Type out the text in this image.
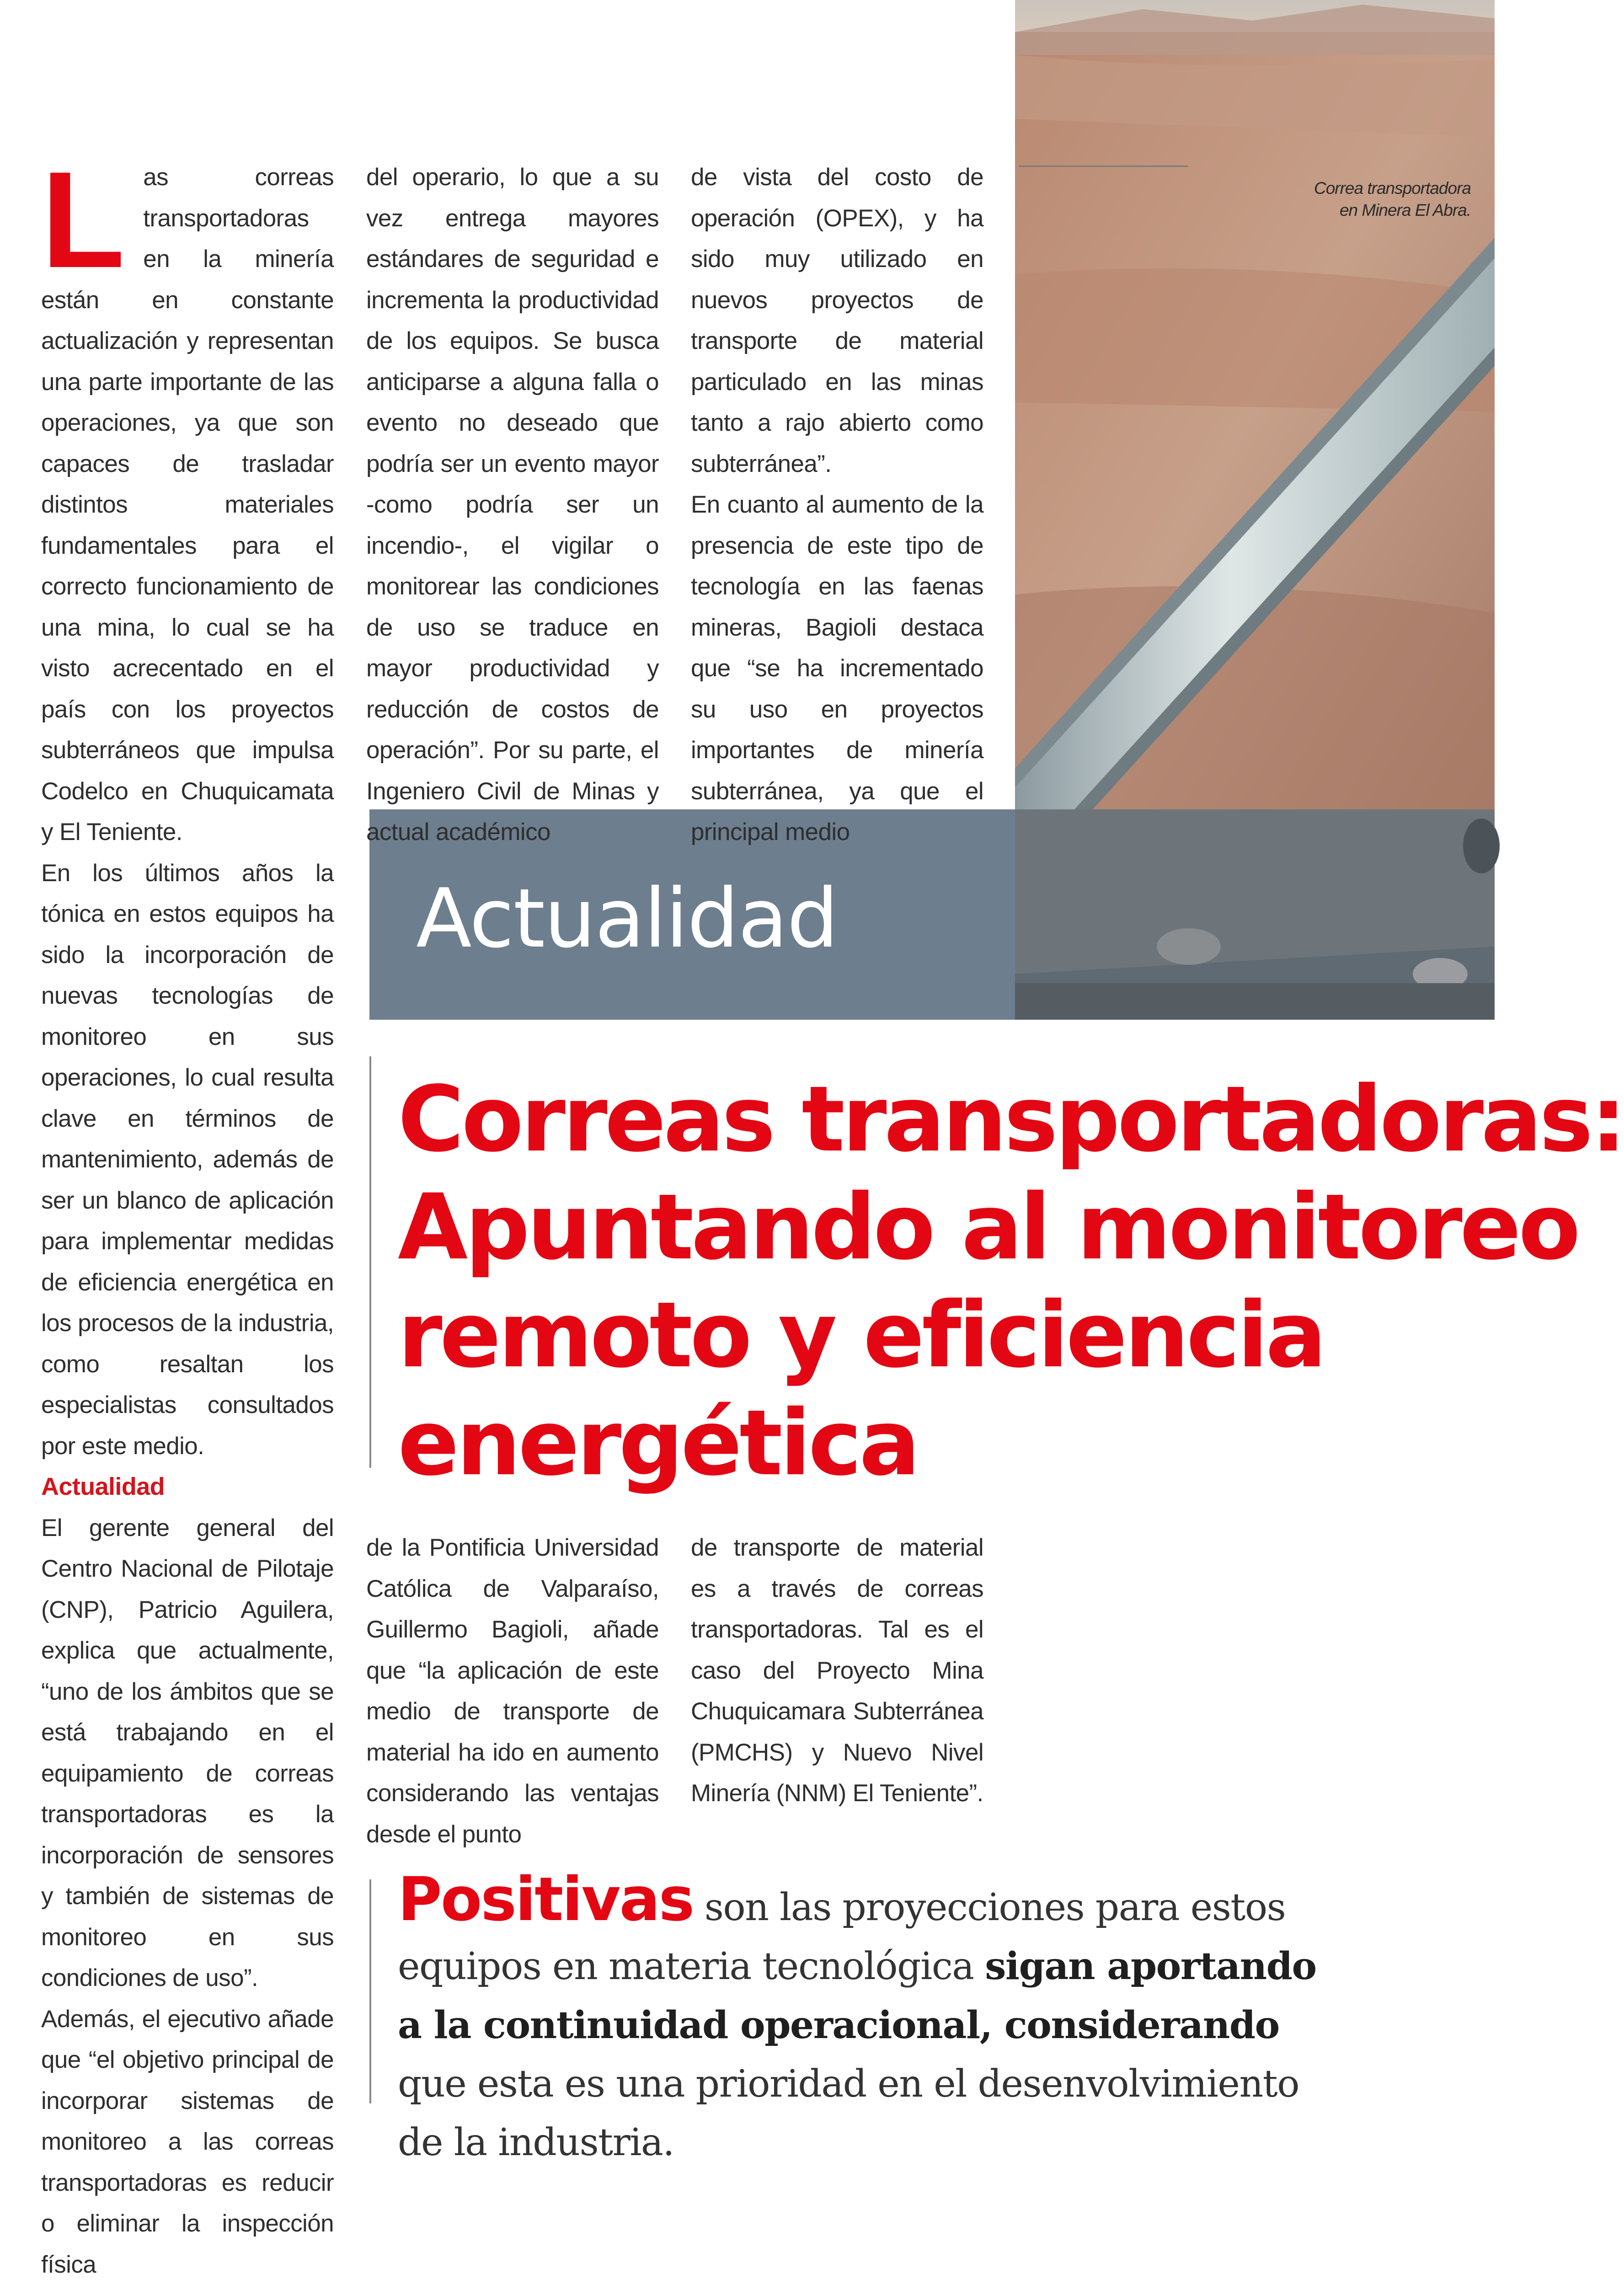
Correa transportadora
en Minera El Abra.
Actualidad

Las correas transportadoras en la minería están en constante actualización y representan una parte importante de las operaciones, ya que son capaces de trasladar distintos materiales fundamentales para el correcto funcionamiento de una mina, lo cual se ha visto acrecentado en el país con los proyectos subterráneos que impulsa Codelco en Chuquicamata y El Teniente.

En los últimos años la tónica en estos equipos ha sido la incorporación de nuevas tecnologías de monitoreo en sus operaciones, lo cual resulta clave en términos de mantenimiento, además de ser un blanco de aplicación para implementar medidas de eficiencia energética en los procesos de la industria, como resaltan los especialistas consultados por este medio.

Actualidad

El gerente general del Centro Nacional de Pilotaje (CNP), Patricio Aguilera, explica que actualmente, “uno de los ámbitos que se está trabajando en el equipamiento de correas transportadoras es la incorporación de sensores y también de sistemas de monitoreo en sus condiciones de uso”.

Además, el ejecutivo añade que “el objetivo principal de incorporar sistemas de monitoreo a las correas transportadoras es reducir o eliminar la inspección física

del operario, lo que a su vez entrega mayores estándares de seguridad e incrementa la productividad de los equipos. Se busca anticiparse a alguna falla o evento no deseado que podría ser un evento mayor -como podría ser un incendio-, el vigilar o monitorear las condiciones de uso se traduce en mayor productividad y reducción de costos de operación”. Por su parte, el Ingeniero Civil de Minas y actual académico

de vista del costo de operación (OPEX), y ha sido muy utilizado en nuevos proyectos de transporte de material particulado en las minas tanto a rajo abierto como subterránea”.

En cuanto al aumento de la presencia de este tipo de tecnología en las faenas mineras, Bagioli destaca que “se ha incrementado su uso en proyectos importantes de minería subterránea, ya que el principal medio

Correas transportadoras:
Apuntando al monitoreo
remoto y eficiencia
energética

de la Pontificia Universidad Católica de Valparaíso, Guillermo Bagioli, añade que “la aplicación de este medio de transporte de material ha ido en aumento considerando las ventajas desde el punto

de transporte de material es a través de correas transportadoras. Tal es el caso del Proyecto Mina Chuquicamara Subterránea (PMCHS) y Nuevo Nivel Minería (NNM) El Teniente”.

Positivas son las proyecciones para estos equipos en materia tecnológica sigan aportando a la continuidad operacional, considerando que esta es una prioridad en el desenvolvimiento de la industria.
